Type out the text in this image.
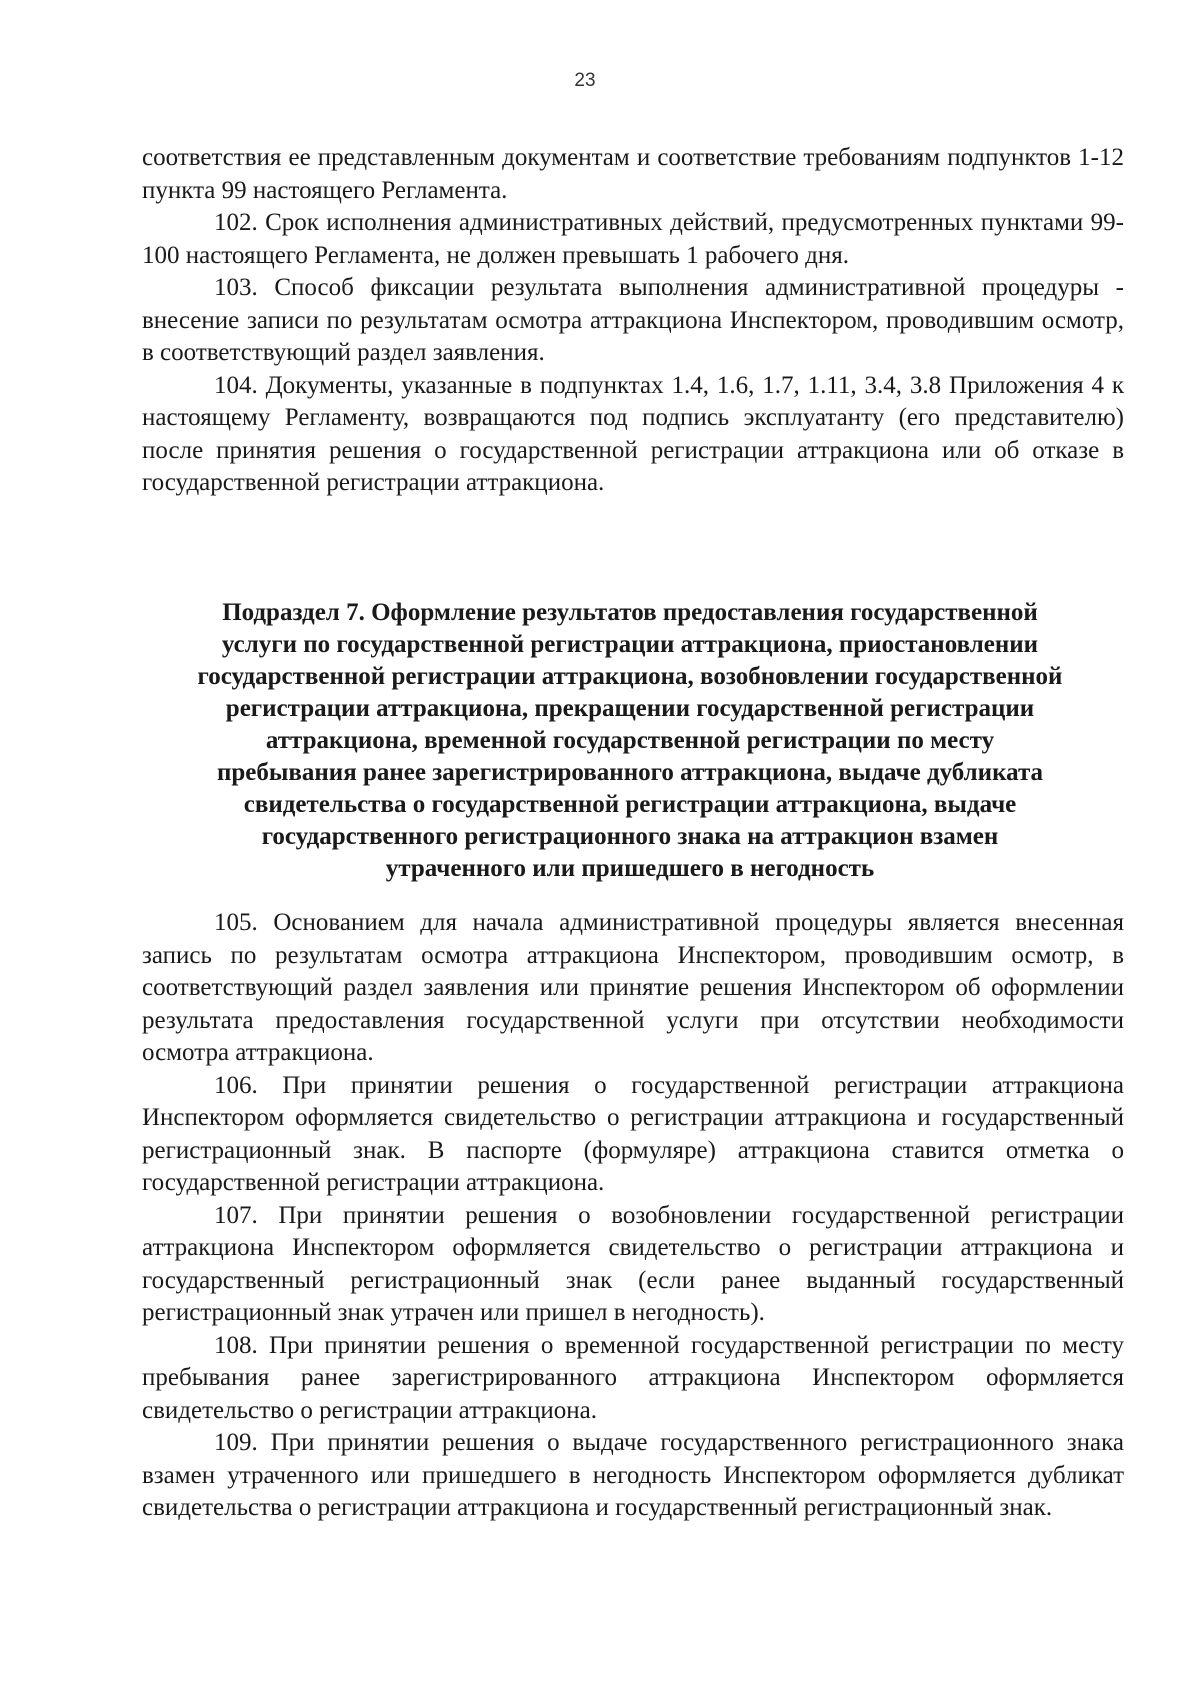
23

соответствия ее представленным документам и соответствие требованиям подпунктов 1-12 пункта 99 настоящего Регламента.

102. Срок исполнения административных действий, предусмотренных пунктами 99-100 настоящего Регламента, не должен превышать 1 рабочего дня.

103. Способ фиксации результата выполнения административной процедуры - внесение записи по результатам осмотра аттракциона Инспектором, проводившим осмотр, в соответствующий раздел заявления.

104. Документы, указанные в подпунктах 1.4, 1.6, 1.7, 1.11, 3.4, 3.8 Приложения 4 к настоящему Регламенту, возвращаются под подпись эксплуатанту (его представителю) после принятия решения о государственной регистрации аттракциона или об отказе в государственной регистрации аттракциона.

Подраздел 7. Оформление результатов предоставления государственной
услуги по государственной регистрации аттракциона, приостановлении
государственной регистрации аттракциона, возобновлении государственной
регистрации аттракциона, прекращении государственной регистрации
аттракциона, временной государственной регистрации по месту
пребывания ранее зарегистрированного аттракциона, выдаче дубликата
свидетельства о государственной регистрации аттракциона, выдаче
государственного регистрационного знака на аттракцион взамен
утраченного или пришедшего в негодность

105. Основанием для начала административной процедуры является внесенная запись по результатам осмотра аттракциона Инспектором, проводившим осмотр, в соответствующий раздел заявления или принятие решения Инспектором об оформлении результата предоставления государственной услуги при отсутствии необходимости осмотра аттракциона.

106. При принятии решения о государственной регистрации аттракциона Инспектором оформляется свидетельство о регистрации аттракциона и государственный регистрационный знак. В паспорте (формуляре) аттракциона ставится отметка о государственной регистрации аттракциона.

107. При принятии решения о возобновлении государственной регистрации аттракциона Инспектором оформляется свидетельство о регистрации аттракциона и государственный регистрационный знак (если ранее выданный государственный регистрационный знак утрачен или пришел в негодность).

108. При принятии решения о временной государственной регистрации по месту пребывания ранее зарегистрированного аттракциона Инспектором оформляется свидетельство о регистрации аттракциона.

109. При принятии решения о выдаче государственного регистрационного знака взамен утраченного или пришедшего в негодность Инспектором оформляется дубликат свидетельства о регистрации аттракциона и государственный регистрационный знак.
